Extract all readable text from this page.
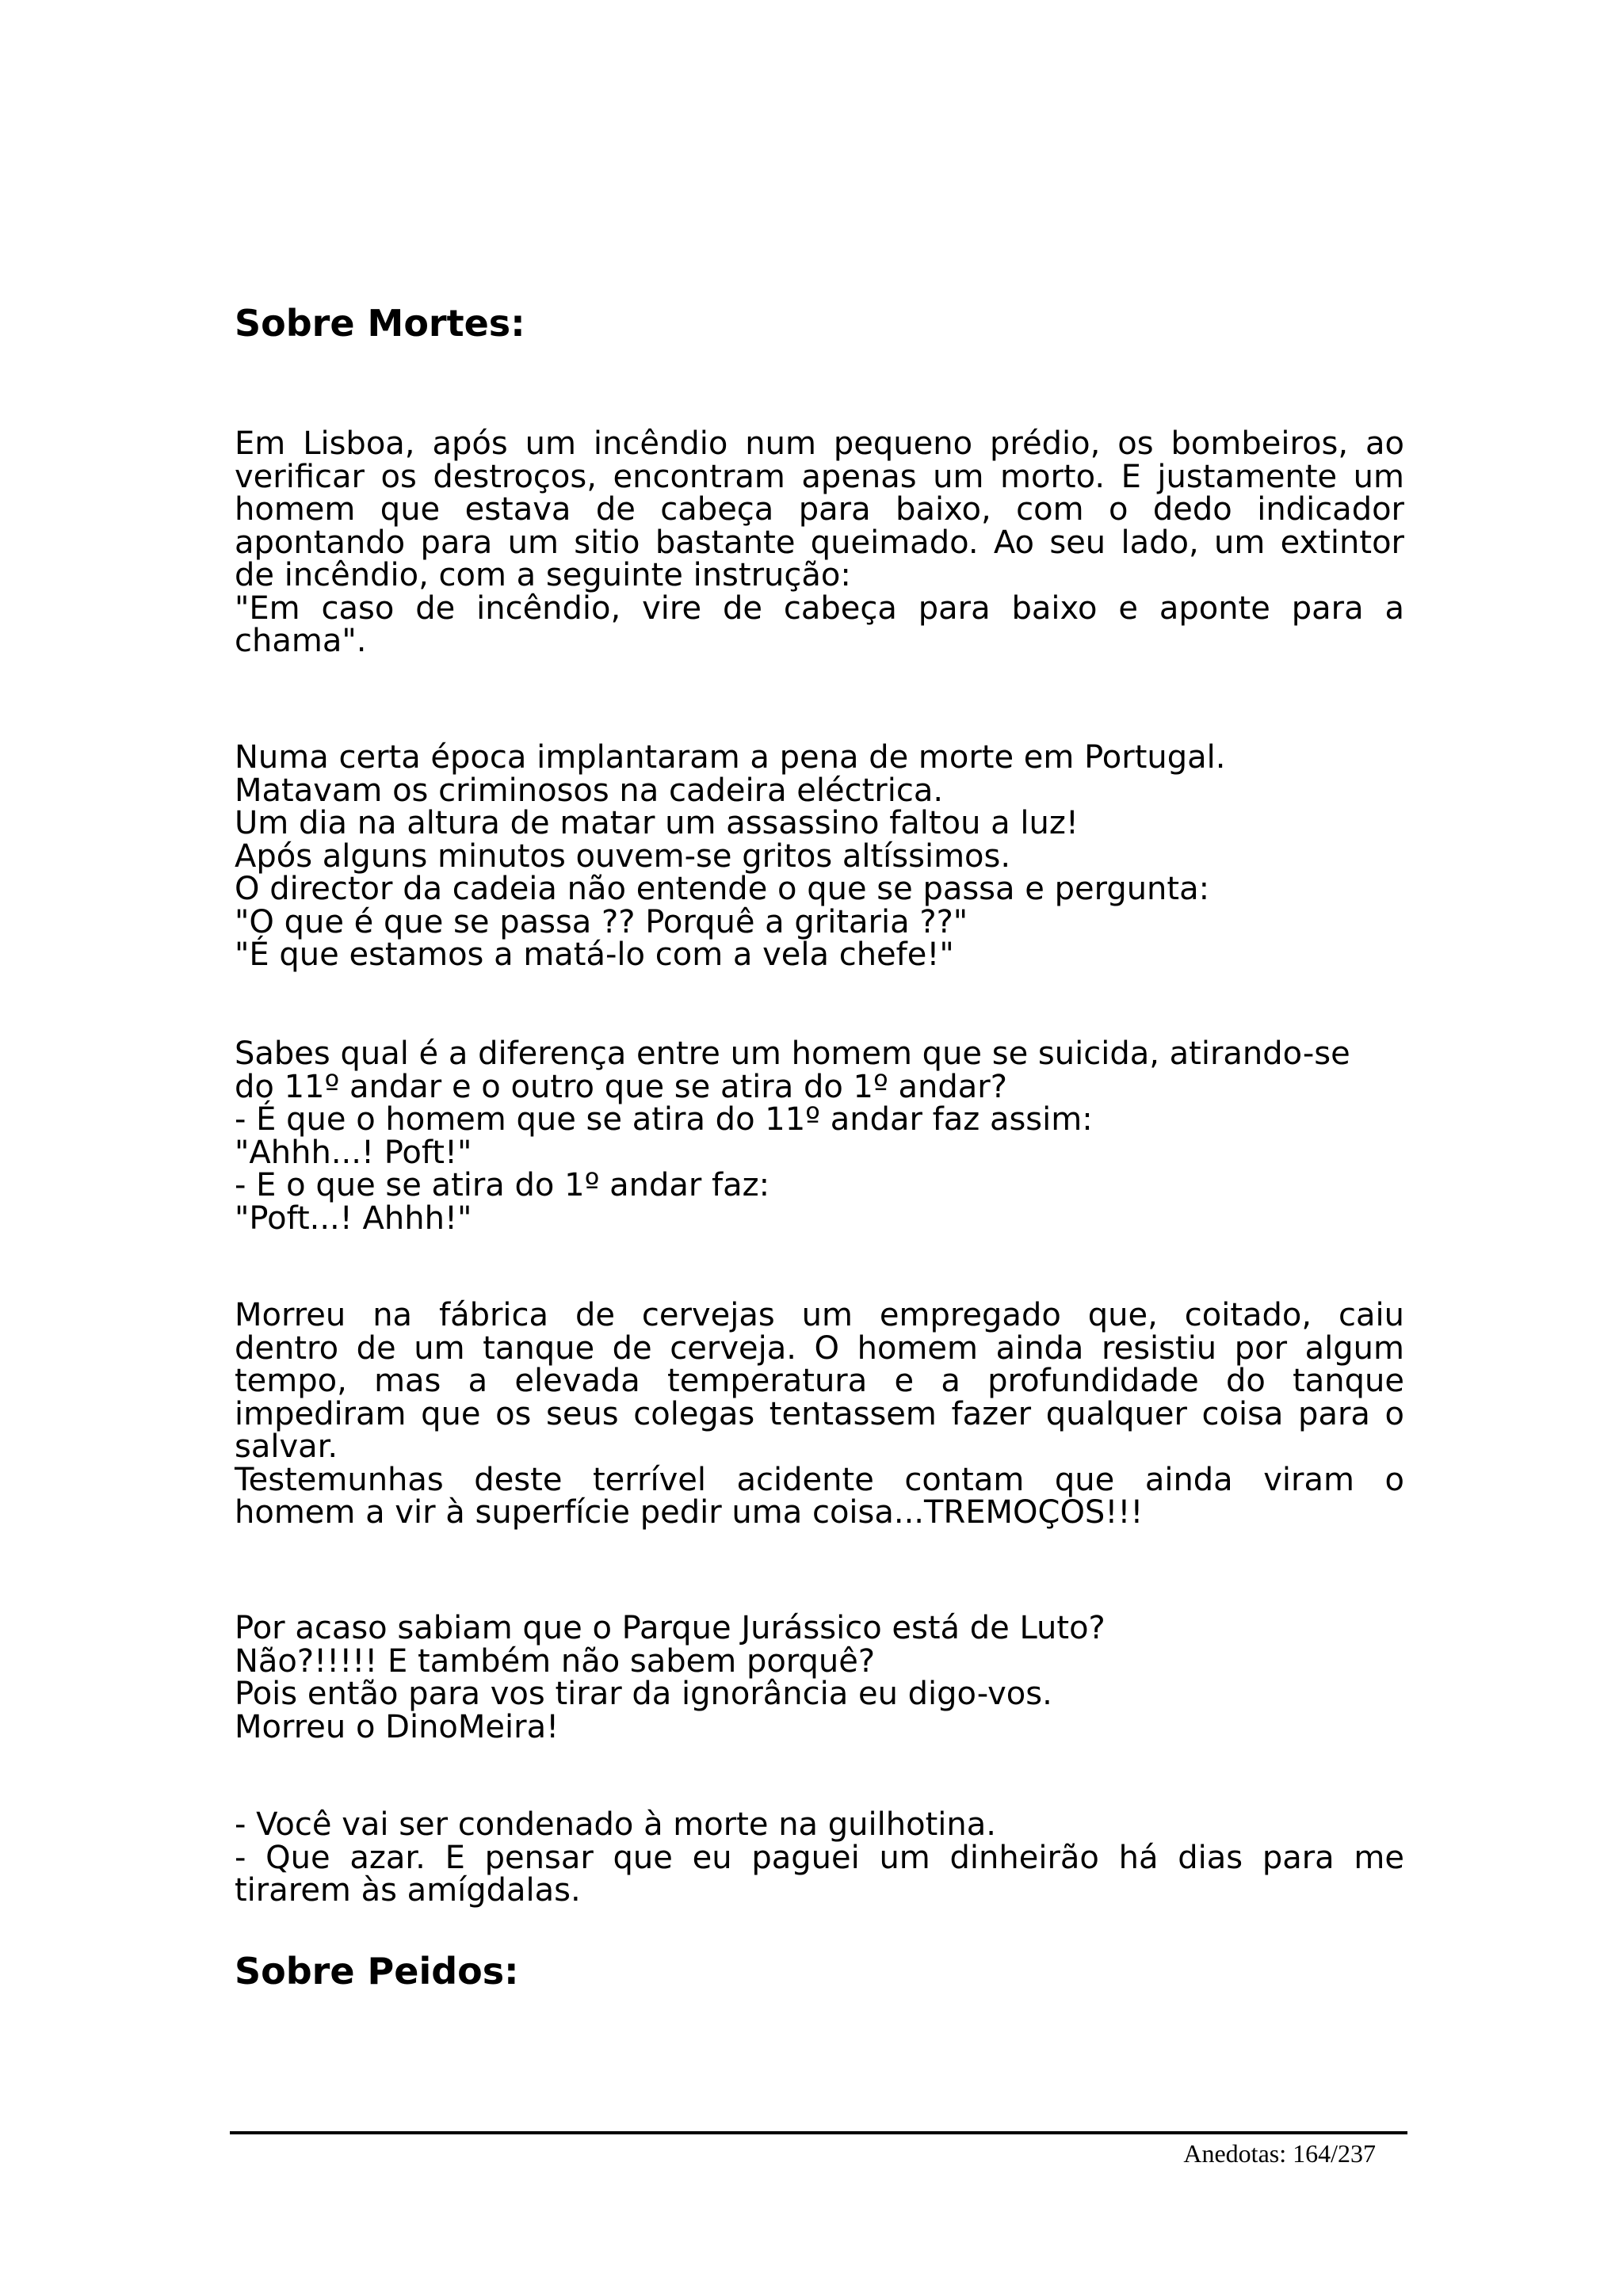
Sobre Mortes:
Em Lisboa, após um incêndio num pequeno prédio, os bombeiros, ao
verificar os destroços, encontram apenas um morto. E justamente um
homem que estava de cabeça para baixo, com o dedo indicador
apontando para um sitio bastante queimado. Ao seu lado, um extintor
de incêndio, com a seguinte instrução:
"Em caso de incêndio, vire de cabeça para baixo e aponte para a
chama".
Numa certa época implantaram a pena de morte em Portugal.
Matavam os criminosos na cadeira eléctrica.
Um dia na altura de matar um assassino faltou a luz!
Após alguns minutos ouvem-se gritos altíssimos.
O director da cadeia não entende o que se passa e pergunta:
"O que é que se passa ?? Porquê a gritaria ??"
"É que estamos a matá-lo com a vela chefe!"
Sabes qual é a diferença entre um homem que se suicida, atirando-se
do 11º andar e o outro que se atira do 1º andar?
- É que o homem que se atira do 11º andar faz assim:
"Ahhh...! Poft!"
- E o que se atira do 1º andar faz:
"Poft...! Ahhh!"
Morreu na fábrica de cervejas um empregado que, coitado, caiu
dentro de um tanque de cerveja. O homem ainda resistiu por algum
tempo, mas a elevada temperatura e a profundidade do tanque
impediram que os seus colegas tentassem fazer qualquer coisa para o
salvar.
Testemunhas deste terrível acidente contam que ainda viram o
homem a vir à superfície pedir uma coisa...TREMOÇOS!!!
Por acaso sabiam que o Parque Jurássico está de Luto?
Não?!!!!! E também não sabem porquê?
Pois então para vos tirar da ignorância eu digo-vos.
Morreu o DinoMeira!
- Você vai ser condenado à morte na guilhotina.
- Que azar. E pensar que eu paguei um dinheirão há dias para me
tirarem às amígdalas.
Sobre Peidos:
Anedotas: 164/237
